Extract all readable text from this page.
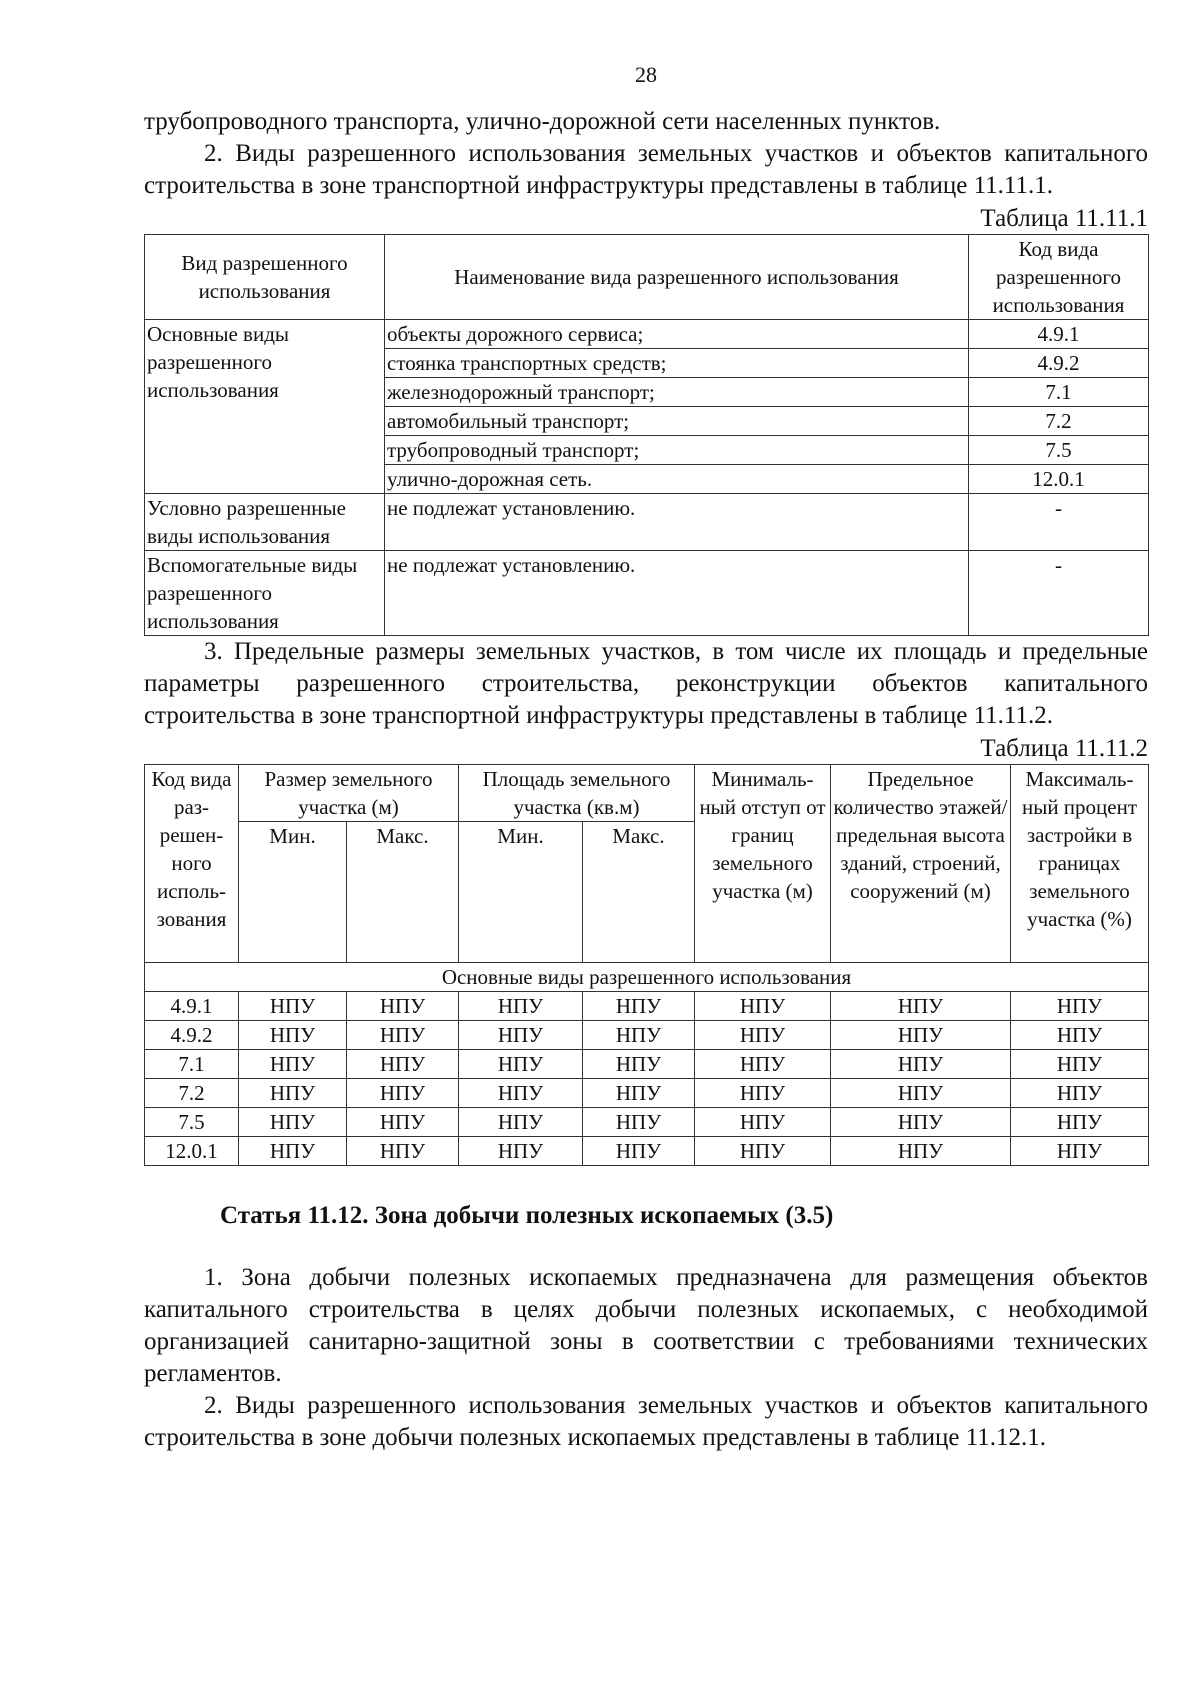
28

трубопроводного транспорта, улично-дорожной сети населенных пунктов.

2. Виды разрешенного использования земельных участков и объектов капитального строительства в зоне транспортной инфраструктуры представлены в таблице 11.11.1.

Таблица 11.11.1
Вид разрешенного использования	Наименование вида разрешенного использования	Код вида разрешенного использования
Основные виды разрешенного использования	объекты дорожного сервиса;	4.9.1
	стоянка транспортных средств;	4.9.2
	железнодорожный транспорт;	7.1
	автомобильный транспорт;	7.2
	трубопроводный транспорт;	7.5
	улично-дорожная сеть.	12.0.1
Условно разрешенные виды использования	не подлежат установлению.	-
Вспомогательные виды разрешенного использования	не подлежат установлению.	-

3. Предельные размеры земельных участков, в том числе их площадь и предельные параметры разрешенного строительства, реконструкции объектов капитального строительства в зоне транспортной инфраструктуры представлены в таблице 11.11.2.

Таблица 11.11.2
Код вида раз-решен-ного исполь-зования	Размер земельного участка (м)		Площадь земельного участка (кв.м)		Минималь-ный отступ от границ земельного участка (м)	Предельное количество этажей/ предельная высота зданий, строений, сооружений (м)	Максималь-ный процент застройки в границах земельного участка (%)
	Мин.	Макс.	Мин.	Макс.			
Основные виды разрешенного использования							
4.9.1	НПУ	НПУ	НПУ	НПУ	НПУ	НПУ	НПУ
4.9.2	НПУ	НПУ	НПУ	НПУ	НПУ	НПУ	НПУ
7.1	НПУ	НПУ	НПУ	НПУ	НПУ	НПУ	НПУ
7.2	НПУ	НПУ	НПУ	НПУ	НПУ	НПУ	НПУ
7.5	НПУ	НПУ	НПУ	НПУ	НПУ	НПУ	НПУ
12.0.1	НПУ	НПУ	НПУ	НПУ	НПУ	НПУ	НПУ
Статья 11.12. Зона добычи полезных ископаемых (3.5)

1. Зона добычи полезных ископаемых предназначена для размещения объектов капитального строительства в целях добычи полезных ископаемых, с необходимой организацией санитарно-защитной зоны в соответствии с требованиями технических регламентов.

2. Виды разрешенного использования земельных участков и объектов капитального строительства в зоне добычи полезных ископаемых представлены в таблице 11.12.1.
